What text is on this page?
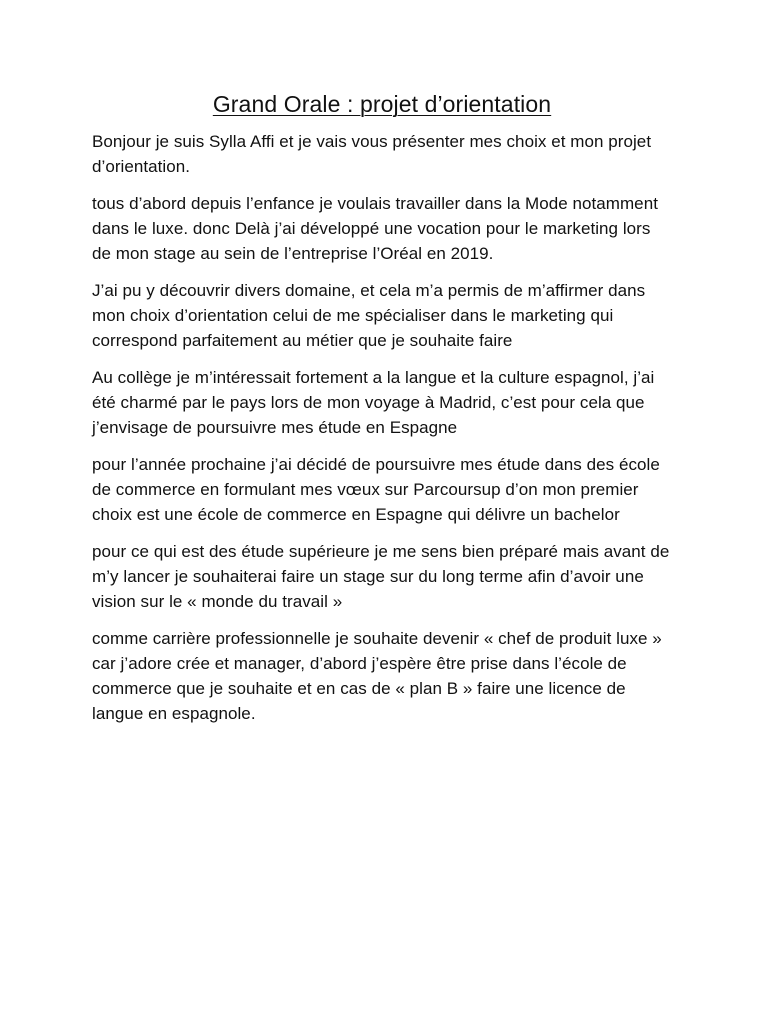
Grand Orale : projet d’orientation

Bonjour je suis Sylla Affi et je vais vous présenter mes choix et mon projet d’orientation.

tous d’abord depuis l’enfance je voulais travailler dans la Mode notamment dans le luxe. donc Delà j’ai développé une vocation pour le marketing lors de mon stage au sein de l’entreprise l’Oréal en 2019.

J’ai pu y découvrir divers domaine, et cela m’a permis de m’affirmer dans mon choix d’orientation celui de me spécialiser dans le marketing qui correspond parfaitement au métier que je souhaite faire

Au collège je m’intéressait fortement a la langue et la culture espagnol, j’ai été charmé par le pays lors de mon voyage à Madrid, c’est pour cela que j’envisage de poursuivre mes étude en Espagne

pour l’année prochaine j’ai décidé de poursuivre mes étude dans des école de commerce en formulant mes vœux sur Parcoursup d’on mon premier choix est une école de commerce en Espagne qui délivre un bachelor

pour ce qui est des étude supérieure je me sens bien préparé mais avant de m’y lancer je souhaiterai faire un stage sur du long terme afin d’avoir une vision sur le « monde du travail »

comme carrière professionnelle je souhaite devenir « chef de produit luxe » car j’adore crée et manager, d’abord j’espère être prise dans l’école de commerce que je souhaite et en cas de « plan B » faire une licence de langue en espagnole.
